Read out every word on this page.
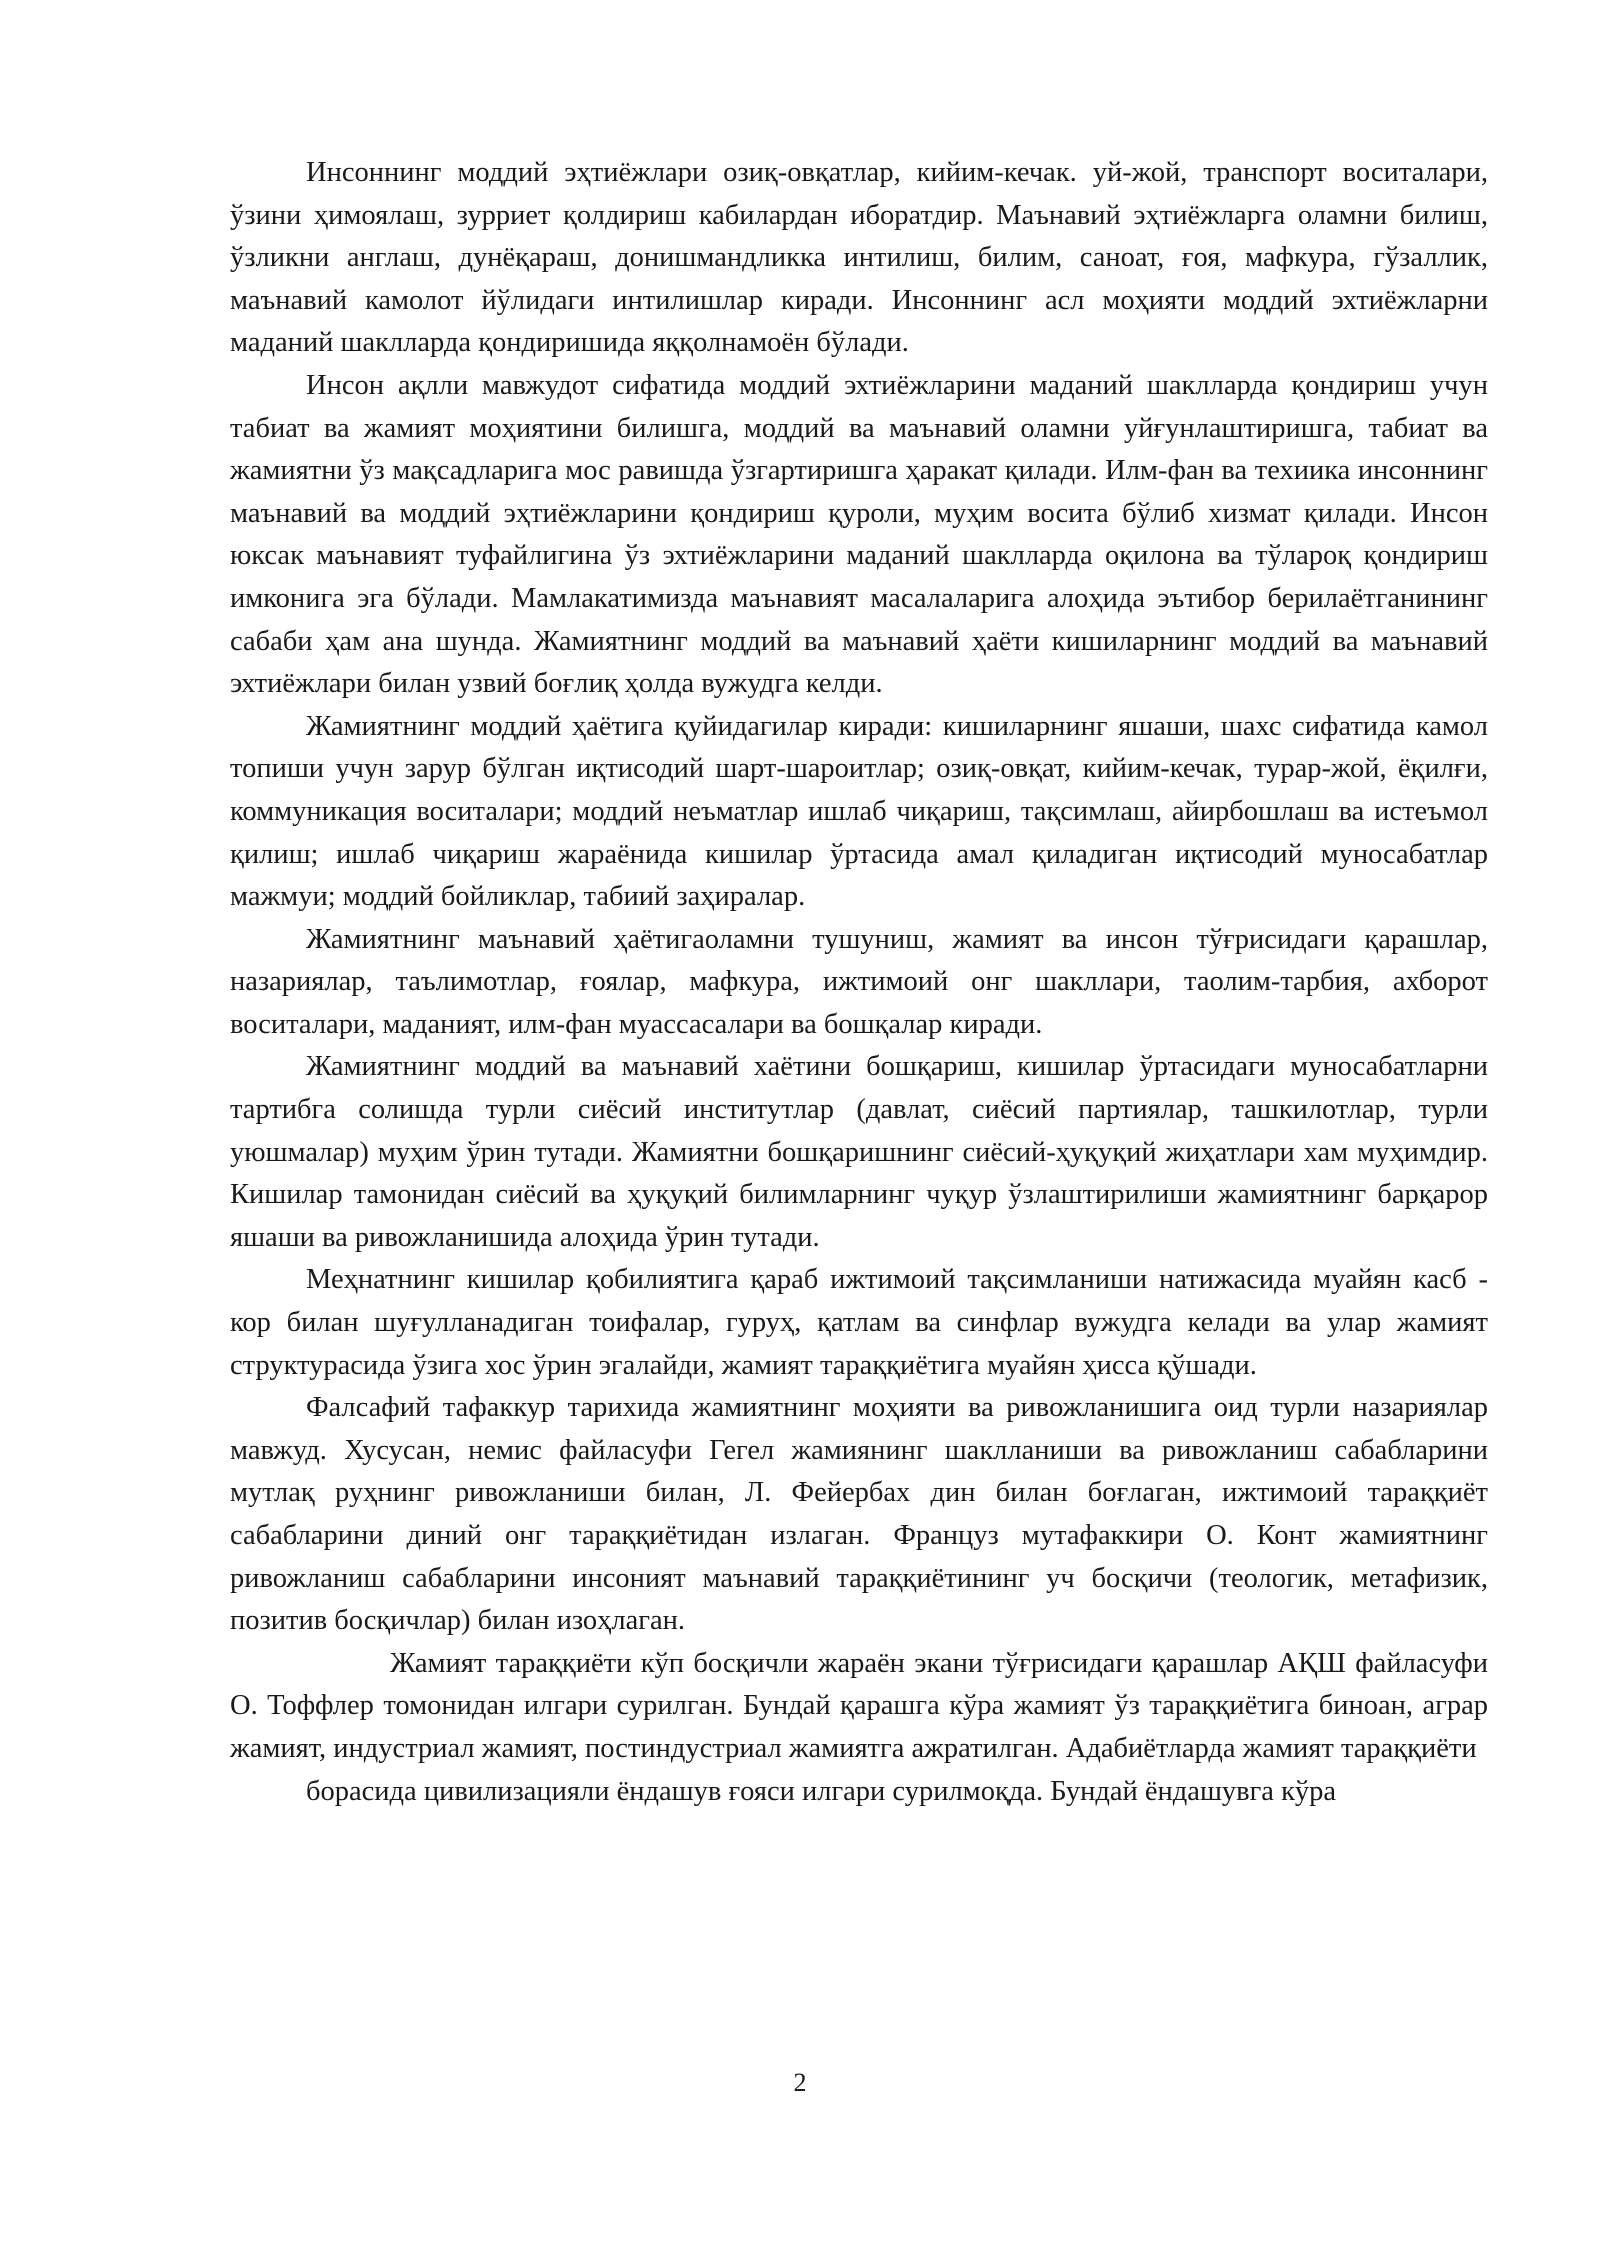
Инсоннинг моддий эҳтиёжлари озиқ-овқатлар, кийим-кечак. уй-жой, транспорт воситалари, ўзини ҳимоялаш, зурриет қолдириш кабилардан иборатдир. Маънавий эҳтиёжларга оламни билиш, ўзликни англаш, дунёқараш, донишмандликка интилиш, билим, саноат, ғоя, мафкура, гўзаллик, маънавий камолот йўлидаги интилишлар киради. Инсоннинг асл моҳияти моддий эхтиёжларни маданий шаклларда қондиришида яққолнамоён бўлади.

Инсон ақлли мавжудот сифатида моддий эхтиёжларини маданий шаклларда қондириш учун табиат ва жамият моҳиятини билишга, моддий ва маънавий оламни уйғунлаштиришга, табиат ва жамиятни ўз мақсадларига мос равишда ўзгартиришга ҳаракат қилади. Илм-фан ва техиика инсоннинг маънавий ва моддий эҳтиёжларини қондириш қуроли, муҳим восита бўлиб хизмат қилади. Инсон юксак маънавият туфайлигина ўз эхтиёжларини маданий шаклларда оқилона ва тўлароқ қондириш имконига эга бўлади. Мамлакатимизда маънавият масалаларига алоҳида эътибор берилаётганининг сабаби ҳам ана шунда. Жамиятнинг моддий ва маънавий ҳаёти кишиларнинг моддий ва маънавий эхтиёжлари билан узвий боғлиқ ҳолда вужудга келди.

Жамиятнинг моддий ҳаётига қуйидагилар киради: кишиларнинг яшаши, шахс сифатида камол топиши учун зарур бўлган иқтисодий шарт-шароитлар; озиқ-овқат, кийим-кечак, турар-жой, ёқилғи, коммуникация воситалари; моддий неъматлар ишлаб чиқариш, тақсимлаш, айирбошлаш ва истеъмол қилиш; ишлаб чиқариш жараёнида кишилар ўртасида амал қиладиган иқтисодий муносабатлар мажмуи; моддий бойликлар, табиий заҳиралар.

Жамиятнинг маънавий ҳаётигаоламни тушуниш, жамият ва инсон тўғрисидаги қарашлар, назариялар, таълимотлар, ғоялар, мафкура, ижтимоий онг шакллари, таолим-тарбия, ахборот воситалари, маданият, илм-фан муассасалари ва бошқалар киради.

Жамиятнинг моддий ва маънавий хаётини бошқариш, кишилар ўртасидаги муносабатларни тартибга солишда турли сиёсий институтлар (давлат, сиёсий партиялар, ташкилотлар, турли уюшмалар) муҳим ўрин тутади. Жамиятни бошқаришнинг сиёсий-ҳуқуқий жиҳатлари хам муҳимдир. Кишилар тамонидан сиёсий ва ҳуқуқий билимларнинг чуқур ўзлаштирилиши жамиятнинг барқарор яшаши ва ривожланишида алоҳида ўрин тутади.

Меҳнатнинг кишилар қобилиятига қараб ижтимоий тақсимланиши натижасида муайян касб - кор билан шуғулланадиган тоифалар, гуруҳ, қатлам ва синфлар вужудга келади ва улар жамият структурасида ўзига хос ўрин эгалайди, жамият тараққиётига муайян ҳисса қўшади.

Фалсафий тафаккур тарихида жамиятнинг моҳияти ва ривожланишига оид турли назариялар мавжуд. Хусусан, немис файласуфи Гегел жамиянинг шаклланиши ва ривожланиш сабабларини мутлақ руҳнинг ривожланиши билан, Л. Фейербах дин билан боғлаган, ижтимоий тараққиёт сабабларини диний онг тараққиётидан излаган. Француз мутафаккири О. Конт жамиятнинг ривожланиш сабабларини инсоният маънавий тараққиётининг уч босқичи (теологик, метафизик, позитив босқичлар) билан изоҳлаган.

Жамият тараққиёти кўп босқичли жараён экани тўғрисидаги қарашлар АҚШ файласуфи О. Тоффлер томонидан илгари сурилган. Бундай қарашга кўра жамият ўз тараққиётига биноан, аграр жамият, индустриал жамият, постиндустриал жамиятга ажратилган. Адабиётларда жамият тараққиёти

борасида цивилизацияли ёндашув ғояси илгари сурилмоқда. Бундай ёндашувга кўра

2
